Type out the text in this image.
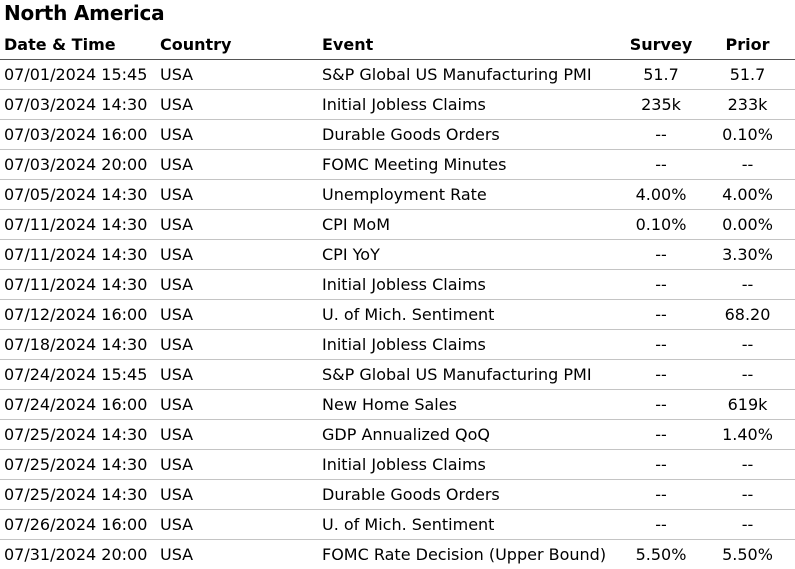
North America
Date & Time	Country	Event	Survey	Prior
07/01/2024 15:45	USA	S&P Global US Manufacturing PMI	51.7	51.7
07/03/2024 14:30	USA	Initial Jobless Claims	235k	233k
07/03/2024 16:00	USA	Durable Goods Orders	--	0.10%
07/03/2024 20:00	USA	FOMC Meeting Minutes	--	--
07/05/2024 14:30	USA	Unemployment Rate	4.00%	4.00%
07/11/2024 14:30	USA	CPI MoM	0.10%	0.00%
07/11/2024 14:30	USA	CPI YoY	--	3.30%
07/11/2024 14:30	USA	Initial Jobless Claims	--	--
07/12/2024 16:00	USA	U. of Mich. Sentiment	--	68.20
07/18/2024 14:30	USA	Initial Jobless Claims	--	--
07/24/2024 15:45	USA	S&P Global US Manufacturing PMI	--	--
07/24/2024 16:00	USA	New Home Sales	--	619k
07/25/2024 14:30	USA	GDP Annualized QoQ	--	1.40%
07/25/2024 14:30	USA	Initial Jobless Claims	--	--
07/25/2024 14:30	USA	Durable Goods Orders	--	--
07/26/2024 16:00	USA	U. of Mich. Sentiment	--	--
07/31/2024 20:00	USA	FOMC Rate Decision (Upper Bound)	5.50%	5.50%
